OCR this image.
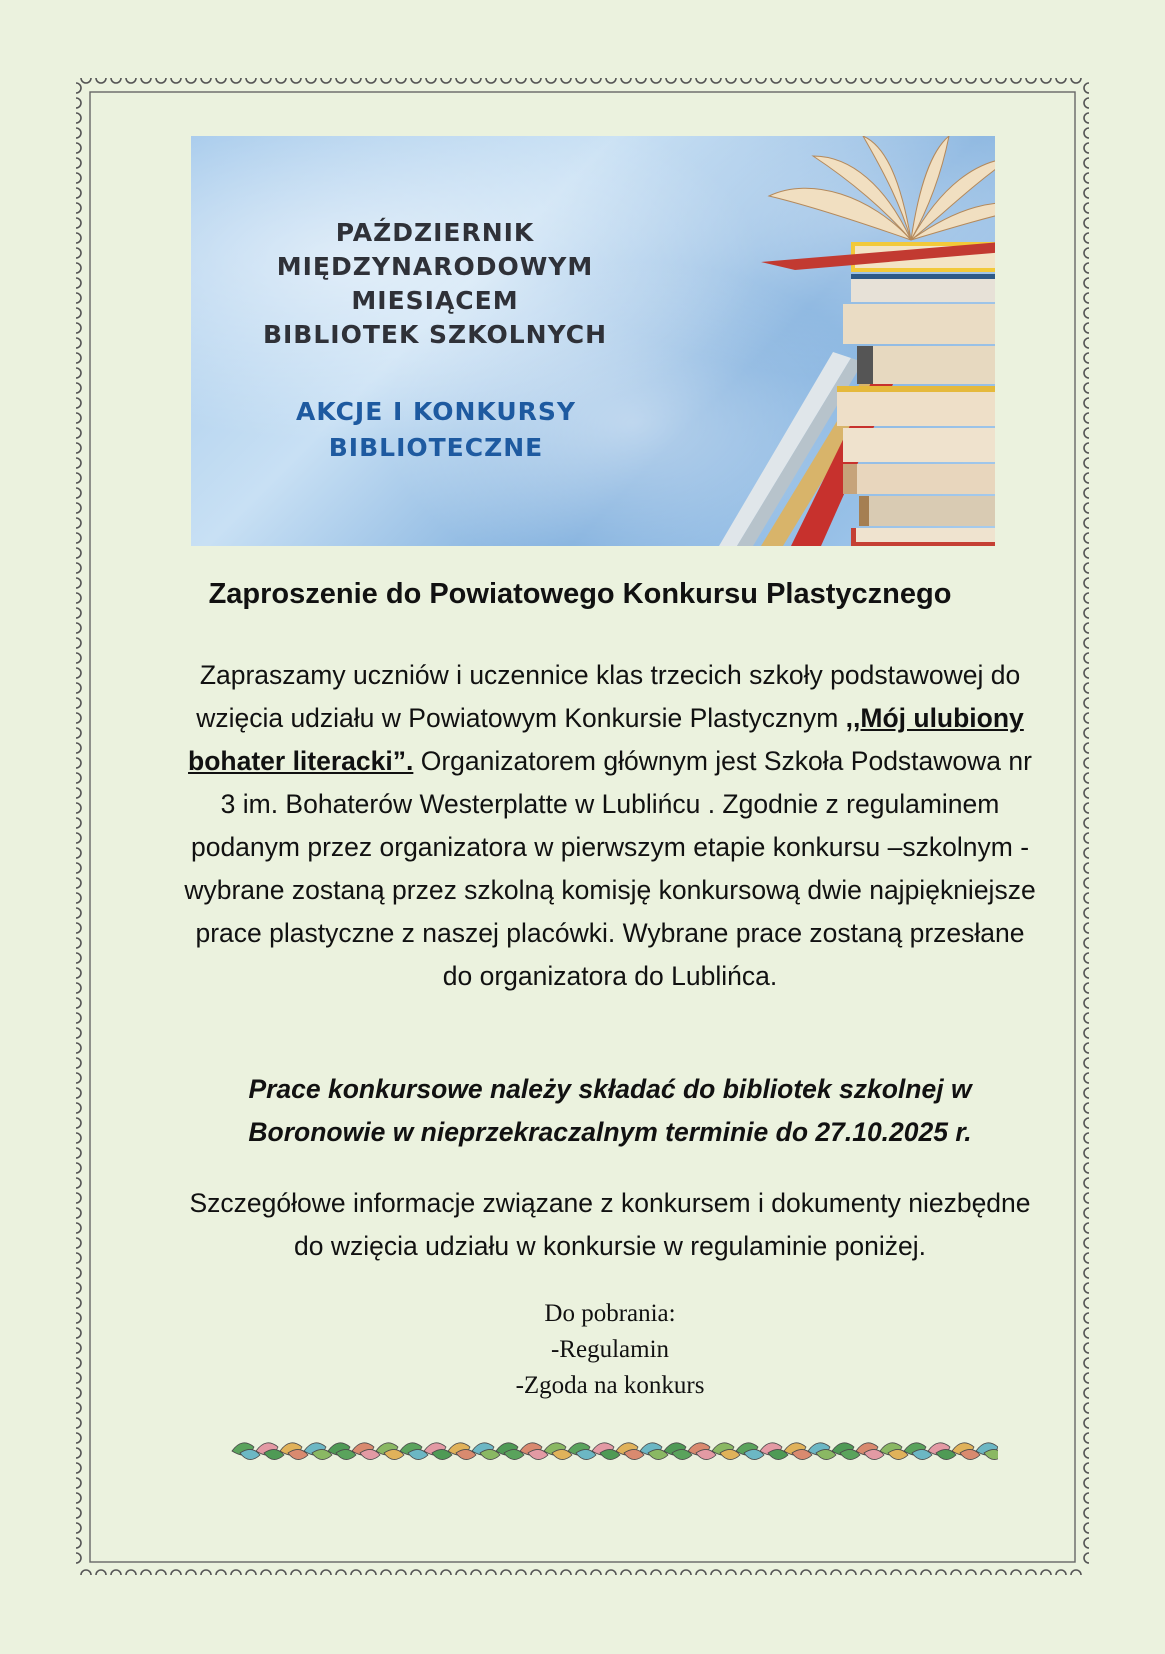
PAŹDZIERNIK
MIĘDZYNARODOWYM
MIESIĄCEM
BIBLIOTEK SZKOLNYCH
AKCJE I KONKURSY
BIBLIOTECZNE
Zaproszenie do Powiatowego Konkursu Plastycznego
Zapraszamy uczniów i uczennice klas trzecich szkoły podstawowej do wzięcia udziału w Powiatowym Konkursie Plastycznym ,,Mój ulubiony bohater literacki”. Organizatorem głównym jest Szkoła Podstawowa nr 3 im. Bohaterów Westerplatte w Lublińcu . Zgodnie z regulaminem podanym przez organizatora w pierwszym etapie konkursu –szkolnym -wybrane zostaną przez szkolną komisję konkursową dwie najpiękniejsze prace plastyczne z naszej placówki. Wybrane prace zostaną przesłane do organizatora do Lublińca.
Prace konkursowe należy składać do bibliotek szkolnej w Boronowie w nieprzekraczalnym terminie do 27.10.2025 r.
Szczegółowe informacje związane z konkursem i dokumenty niezbędne do wzięcia udziału w konkursie w regulaminie poniżej.
Do pobrania:
-Regulamin
-Zgoda na konkurs
